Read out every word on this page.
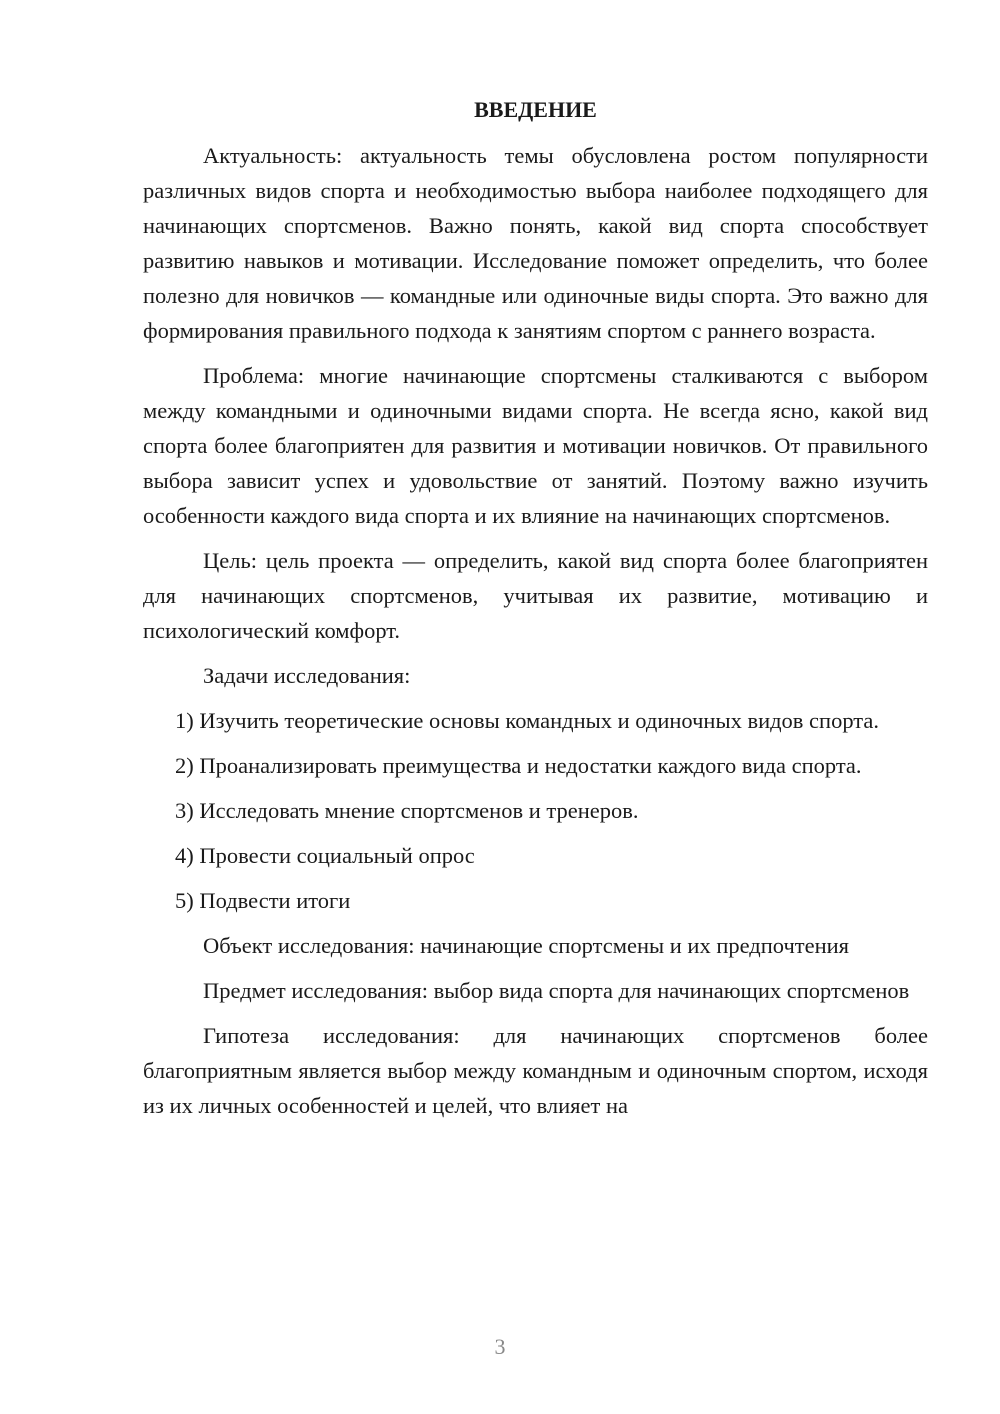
ВВЕДЕНИЕ

Актуальность: актуальность темы обусловлена ростом популярности различных видов спорта и необходимостью выбора наиболее подходящего для начинающих спортсменов. Важно понять, какой вид спорта способствует развитию навыков и мотивации. Исследование поможет определить, что более полезно для новичков — командные или одиночные виды спорта. Это важно для формирования правильного подхода к занятиям спортом с раннего возраста.

Проблема: многие начинающие спортсмены сталкиваются с выбором между командными и одиночными видами спорта. Не всегда ясно, какой вид спорта более благоприятен для развития и мотивации новичков. От правильного выбора зависит успех и удовольствие от занятий. Поэтому важно изучить особенности каждого вида спорта и их влияние на начинающих спортсменов.

Цель: цель проекта — определить, какой вид спорта более благоприятен для начинающих спортсменов, учитывая их развитие, мотивацию и психологический комфорт.

Задачи исследования:

1) Изучить теоретические основы командных и одиночных видов спорта.

2) Проанализировать преимущества и недостатки каждого вида спорта.

3) Исследовать мнение спортсменов и тренеров.

4) Провести социальный опрос

5) Подвести итоги

Объект исследования: начинающие спортсмены и их предпочтения

Предмет исследования: выбор вида спорта для начинающих спортсменов

Гипотеза исследования: для начинающих спортсменов более благоприятным является выбор между командным и одиночным спортом, исходя из их личных особенностей и целей, что влияет на

3
